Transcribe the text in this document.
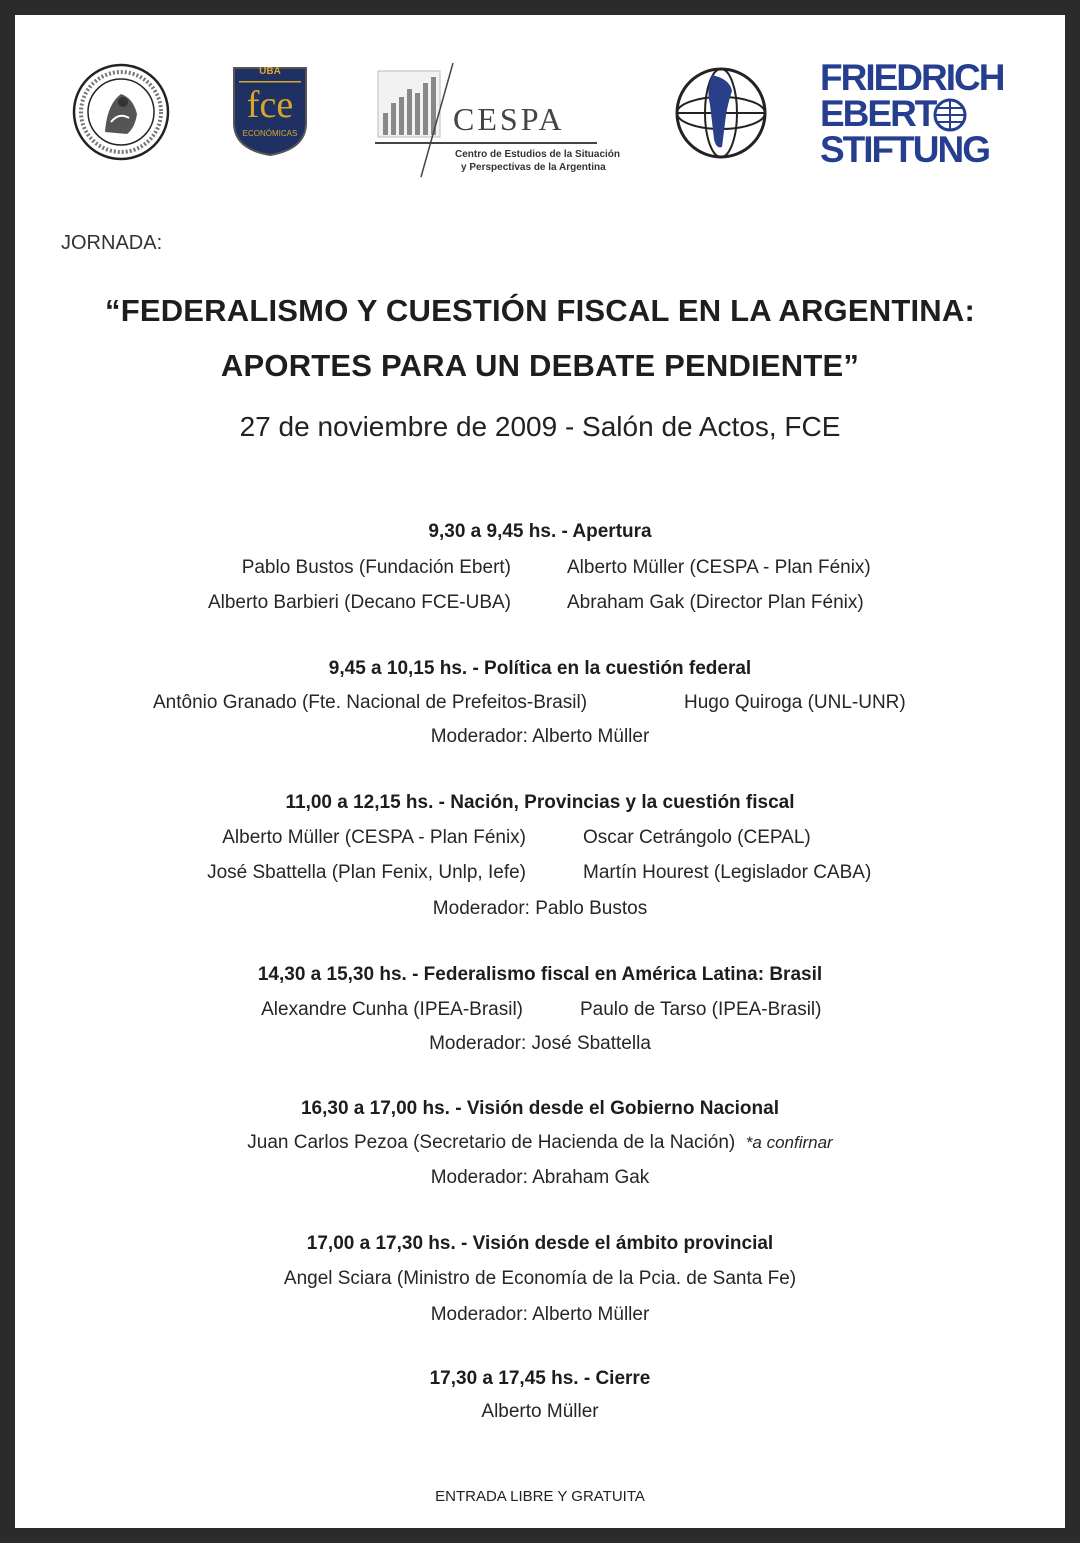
UBA
fce
ECONÓMICAS	CESPA
Centro de Estudios de la Situación
y Perspectivas de la Argentina
FRIEDRICH
EBERT
STIFTUNG
JORNADA:
“FEDERALISMO Y CUESTIÓN FISCAL EN LA ARGENTINA:
APORTES PARA UN DEBATE PENDIENTE”
27 de noviembre de 2009 - Salón de Actos, FCE
9,30 a 9,45 hs. - Apertura
Pablo Bustos (Fundación Ebert)	Alberto Müller (CESPA - Plan Fénix)
Alberto Barbieri (Decano FCE-UBA)	Abraham Gak (Director Plan Fénix)
9,45 a 10,15 hs. - Política en la cuestión federal
Antônio Granado (Fte. Nacional de Prefeitos-Brasil)	Hugo Quiroga (UNL-UNR)
Moderador: Alberto Müller
11,00 a 12,15 hs. - Nación, Provincias y la cuestión fiscal
Alberto Müller (CESPA - Plan Fénix)	Oscar Cetrángolo (CEPAL)
José Sbattella (Plan Fenix, Unlp, Iefe)	Martín Hourest (Legislador CABA)
Moderador: Pablo Bustos
14,30 a 15,30 hs. - Federalismo fiscal en América Latina: Brasil
Alexandre Cunha (IPEA-Brasil)	Paulo de Tarso (IPEA-Brasil)
Moderador: José Sbattella
16,30 a 17,00 hs. - Visión desde el Gobierno Nacional
Juan Carlos Pezoa (Secretario de Hacienda de la Nación) *a confirnar
Moderador: Abraham Gak
17,00 a 17,30 hs. - Visión desde el ámbito provincial
Angel Sciara (Ministro de Economía de la Pcia. de Santa Fe)
Moderador: Alberto Müller
17,30 a 17,45 hs. - Cierre
Alberto Müller
ENTRADA LIBRE Y GRATUITA
